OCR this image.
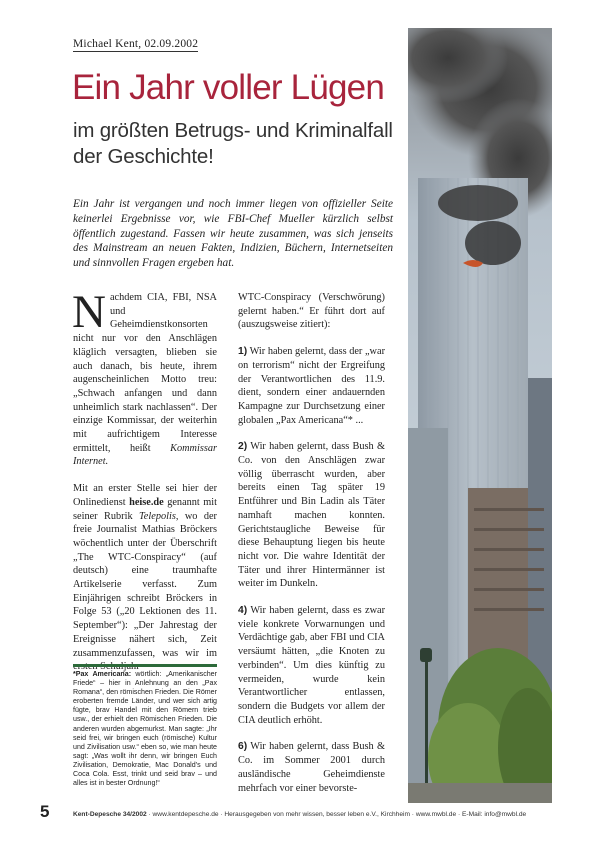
Michael Kent, 02.09.2002
Ein Jahr voller Lügen
im größten Betrugs- und Kriminalfall der Geschichte!
Ein Jahr ist vergangen und noch immer liegen von offizieller Seite keinerlei Ergebnisse vor, wie FBI-Chef Mueller kürzlich selbst öffentlich zugestand. Fassen wir heute zusammen, was sich jenseits des Mainstream an neuen Fakten, Indizien, Büchern, Internetseiten und sinnvollen Fragen ergeben hat.

Nachdem CIA, FBI, NSA und Geheimdienstkonsorten nicht nur vor den Anschlägen kläglich versagten, blieben sie auch danach, bis heute, ihrem augenscheinlichen Motto treu: „Schwach anfangen und dann unheimlich stark nachlassen“. Der einzige Kommissar, der weiterhin mit aufrichtigem Interesse ermittelt, heißt Kommissar Internet.

Mit an erster Stelle sei hier der Onlinedienst heise.de genannt mit seiner Rubrik Telepolis, wo der freie Journalist Mathias Bröckers wöchentlich unter der Überschrift „The WTC-Conspiracy“ (auf deutsch) eine traumhafte Artikelserie verfasst. Zum Einjährigen schreibt Bröckers in Folge 53 („20 Lektionen des 11. September“): „Der Jahrestag der Ereignisse nähert sich, Zeit zusammenzufassen, was wir im

WTC-Conspiracy (Verschwörung) gelernt haben.“ Er führt dort auf (auszugsweise zitiert):

1) Wir haben gelernt, dass der „war on terrorism“ nicht der Ergreifung der Verantwortlichen des 11.9. dient, sondern einer andauernden Kampagne zur Durchsetzung einer globalen „Pax Americana“* ...

2) Wir haben gelernt, dass Bush & Co. von den Anschlägen zwar völlig überrascht wurden, aber bereits einen Tag später 19 Entführer und Bin Ladin als Täter namhaft machen konnten. Gerichtstaugliche Beweise für diese Behauptung liegen bis heute nicht vor. Die wahre Identität der Täter und ihrer Hintermänner ist weiter im Dunkeln.

4) Wir haben gelernt, dass es zwar viele konkrete Vorwarnungen und Verdächtige gab, aber FBI und CIA versäumt hätten, „die Knoten zu verbinden“. Um dies künftig zu vermeiden, wurde kein Verantwortlicher entlassen, sondern die Budgets vor allem der CIA deutlich erhöht.

6) Wir haben gelernt, dass Bush & Co. im Sommer 2001 durch ausländische Geheimdienste mehrfach vor einer bevorste-

*Pax Americana: wörtlich: „Amerikanischer Friede“ – hier in Anlehnung an den „Pax Romana“, den römischen Frieden. Die Römer eroberten fremde Länder, und wer sich artig fügte, brav Handel mit den Römern trieb usw., der erhielt den Römischen Frieden. Die anderen wurden abgemurkst. Man sagte: „Ihr seid frei, wir bringen euch (römische) Kultur und Zivilisation usw.“ eben so, wie man heute sagt: „Was wollt ihr denn, wir bringen Euch Zivilisation, Demokratie, Mac Donald’s und Coca Cola. Esst, trinkt und seid brav – und alles ist in bester Ordnung!“
5	Kent-Depesche 34/2002 · www.kentdepesche.de · Herausgegeben von mehr wissen, besser leben e.V., Kirchheim · www.mwbl.de · E-Mail: info@mwbl.de
